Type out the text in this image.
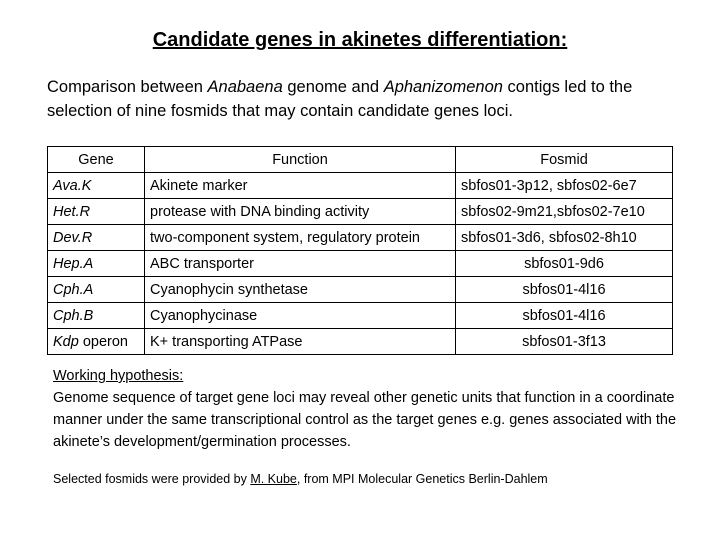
Candidate genes in akinetes differentiation:
Comparison between Anabaena genome and Aphanizomenon contigs led to the selection of nine fosmids that may contain candidate genes loci.
Gene	Function	Fosmid
Ava.K	Akinete marker	sbfos01-3p12, sbfos02-6e7
Het.R	protease with DNA binding activity	sbfos02-9m21,sbfos02-7e10
Dev.R	two-component system, regulatory protein	sbfos01-3d6, sbfos02-8h10
Hep.A	ABC transporter	sbfos01-9d6
Cph.A	Cyanophycin synthetase	sbfos01-4l16
Cph.B	Cyanophycinase	sbfos01-4l16
Kdp operon	K+ transporting ATPase	sbfos01-3f13
Working hypothesis:
Genome sequence of target gene loci may reveal other genetic units that function in a coordinate manner under the same transcriptional control as the target genes e.g. genes associated with the akinete’s development/germination processes.
Selected fosmids were provided by M. Kube, from MPI Molecular Genetics Berlin-Dahlem
